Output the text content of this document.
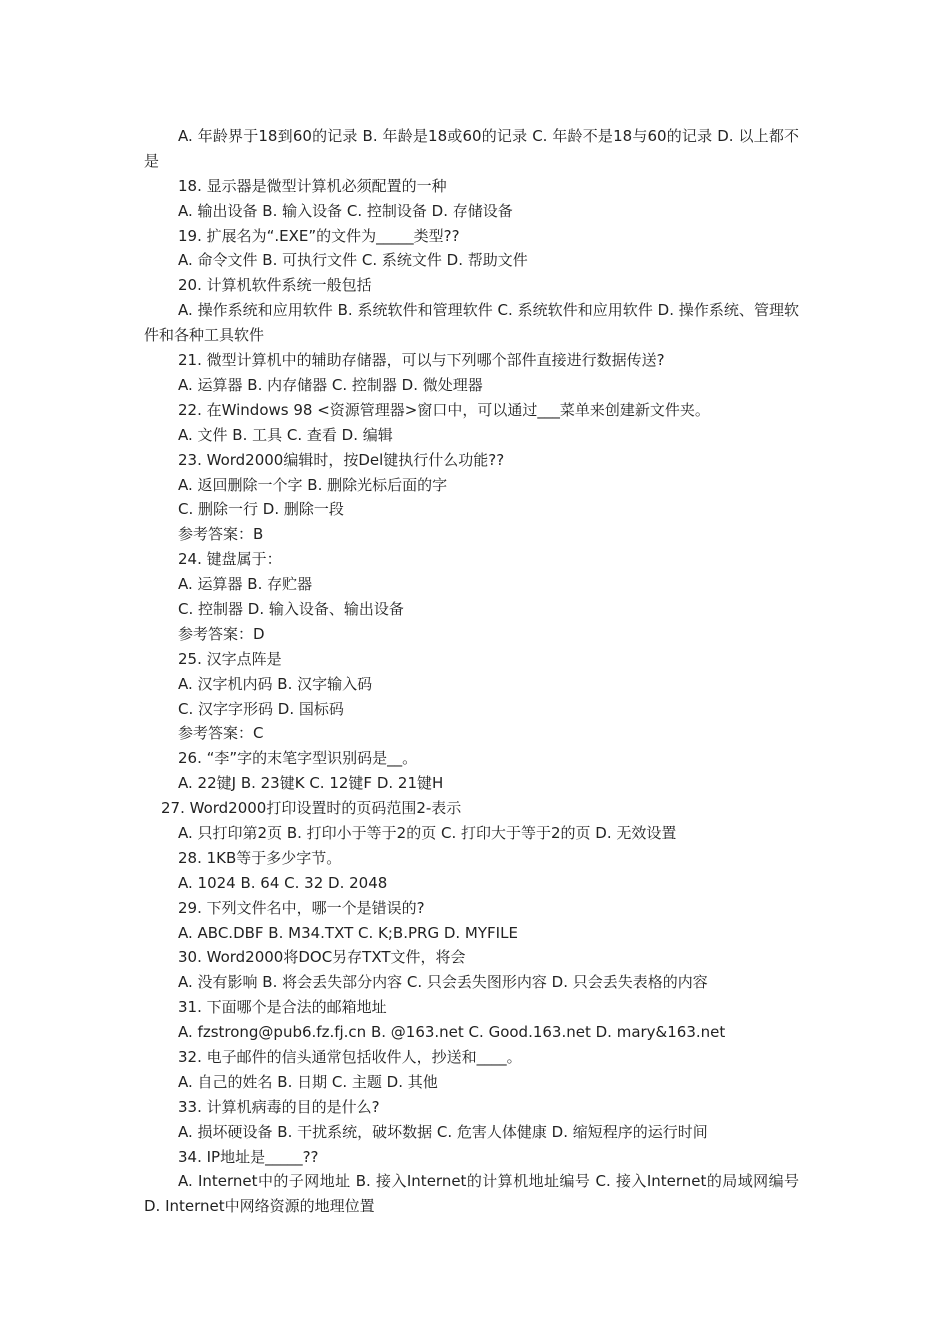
A. 年龄界于18到60的记录 B. 年龄是18或60的记录 C. 年龄不是18与60的记录 D. 以上都不是
18. 显示器是微型计算机必须配置的一种
A. 输出设备 B. 输入设备 C. 控制设备 D. 存储设备
19. 扩展名为“.EXE”的文件为_____类型??
A. 命令文件 B. 可执行文件 C. 系统文件 D. 帮助文件
20. 计算机软件系统一般包括
A. 操作系统和应用软件 B. 系统软件和管理软件 C. 系统软件和应用软件 D. 操作系统、管理软件和各种工具软件
21. 微型计算机中的辅助存储器，可以与下列哪个部件直接进行数据传送?
A. 运算器 B. 内存储器 C. 控制器 D. 微处理器
22. 在Windows 98 <资源管理器>窗口中，可以通过___菜单来创建新文件夹。
A. 文件 B. 工具 C. 查看 D. 编辑
23. Word2000编辑时，按Del键执行什么功能??
A. 返回删除一个字 B. 删除光标后面的字
C. 删除一行 D. 删除一段
参考答案：B
24. 键盘属于：
A. 运算器 B. 存贮器
C. 控制器 D. 输入设备、输出设备
参考答案：D
25. 汉字点阵是
A. 汉字机内码 B. 汉字输入码
C. 汉字字形码 D. 国标码
参考答案：C
26. “李”字的末笔字型识别码是__。
A. 22键J B. 23键K C. 12键F D. 21键H
27. Word2000打印设置时的页码范围2-表示
A. 只打印第2页 B. 打印小于等于2的页 C. 打印大于等于2的页 D. 无效设置
28. 1KB等于多少字节。
A. 1024 B. 64 C. 32 D. 2048
29. 下列文件名中，哪一个是错误的?
A. ABC.DBF B. M34.TXT C. K;B.PRG D. MYFILE
30. Word2000将DOC另存TXT文件，将会
A. 没有影响 B. 将会丢失部分内容 C. 只会丢失图形内容 D. 只会丢失表格的内容
31. 下面哪个是合法的邮箱地址
A. fzstrong@pub6.fz.fj.cn B. @163.net C. Good.163.net D. mary&163.net
32. 电子邮件的信头通常包括收件人，抄送和____。
A. 自己的姓名 B. 日期 C. 主题 D. 其他
33. 计算机病毒的目的是什么?
A. 损坏硬设备 B. 干扰系统，破坏数据 C. 危害人体健康 D. 缩短程序的运行时间
34. IP地址是_____??
A. Internet中的子网地址 B. 接入Internet的计算机地址编号 C. 接入Internet的局域网编号 D. Internet中网络资源的地理位置
